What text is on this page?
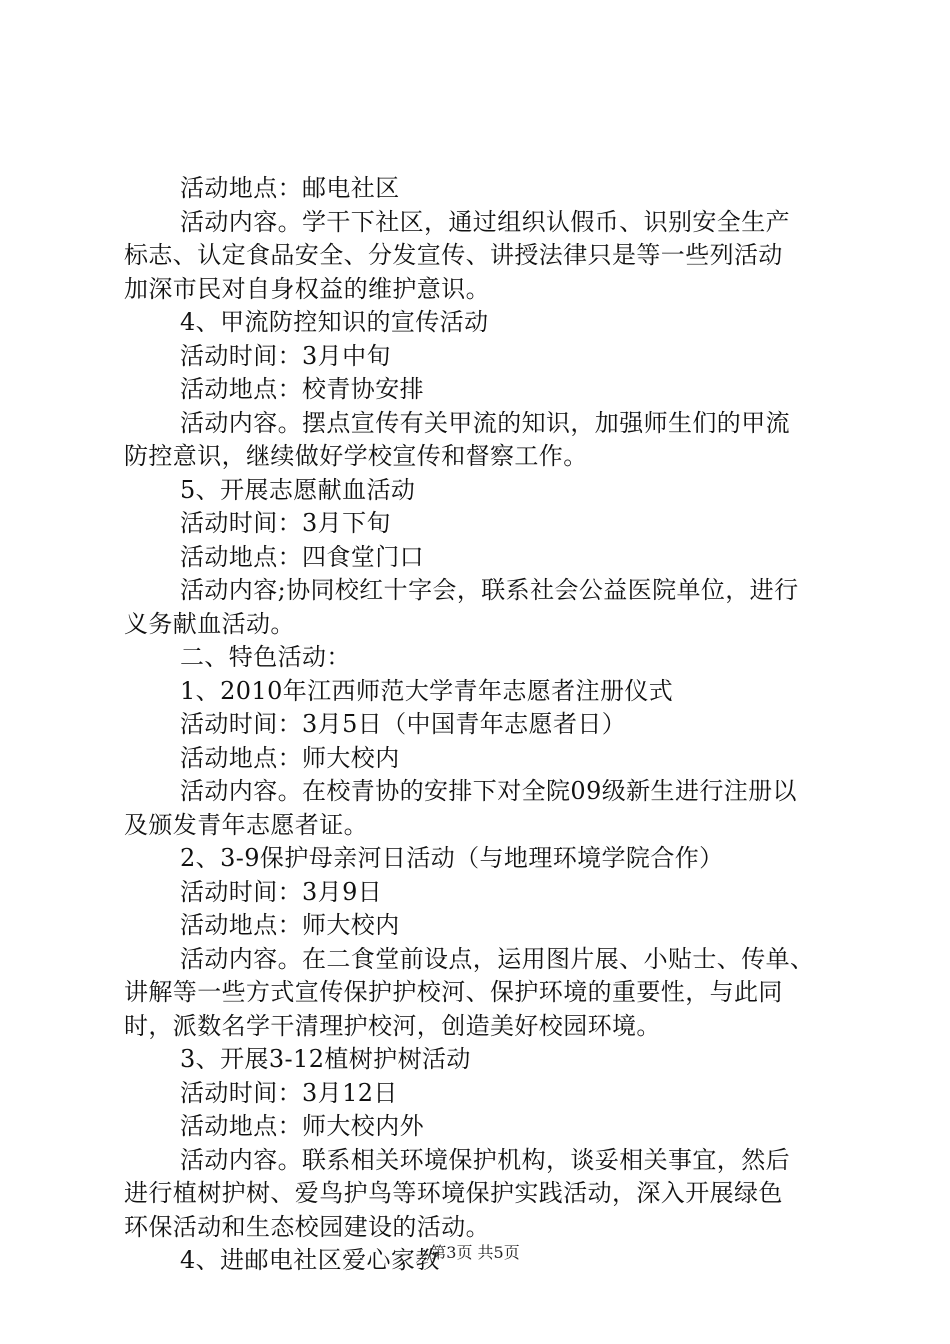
活动地点：邮电社区
活动内容。学干下社区，通过组织认假币、识别安全生产
标志、认定食品安全、分发宣传、讲授法律只是等一些列活动
加深市民对自身权益的维护意识。
4、甲流防控知识的宣传活动
活动时间：3月中旬
活动地点：校青协安排
活动内容。摆点宣传有关甲流的知识，加强师生们的甲流
防控意识，继续做好学校宣传和督察工作。
5、开展志愿献血活动
活动时间：3月下旬
活动地点：四食堂门口
活动内容;协同校红十字会，联系社会公益医院单位，进行
义务献血活动。
二、特色活动：
1、2010年江西师范大学青年志愿者注册仪式
活动时间：3月5日（中国青年志愿者日）
活动地点：师大校内
活动内容。在校青协的安排下对全院09级新生进行注册以
及颁发青年志愿者证。
2、3-9保护母亲河日活动（与地理环境学院合作）
活动时间：3月9日
活动地点：师大校内
活动内容。在二食堂前设点，运用图片展、小贴士、传单、
讲解等一些方式宣传保护护校河、保护环境的重要性，与此同
时，派数名学干清理护校河，创造美好校园环境。
3、开展3-12植树护树活动
活动时间：3月12日
活动地点：师大校内外
活动内容。联系相关环境保护机构，谈妥相关事宜，然后
进行植树护树、爱鸟护鸟等环境保护实践活动，深入开展绿色
环保活动和生态校园建设的活动。
4、进邮电社区爱心家教
第3页 共5页
